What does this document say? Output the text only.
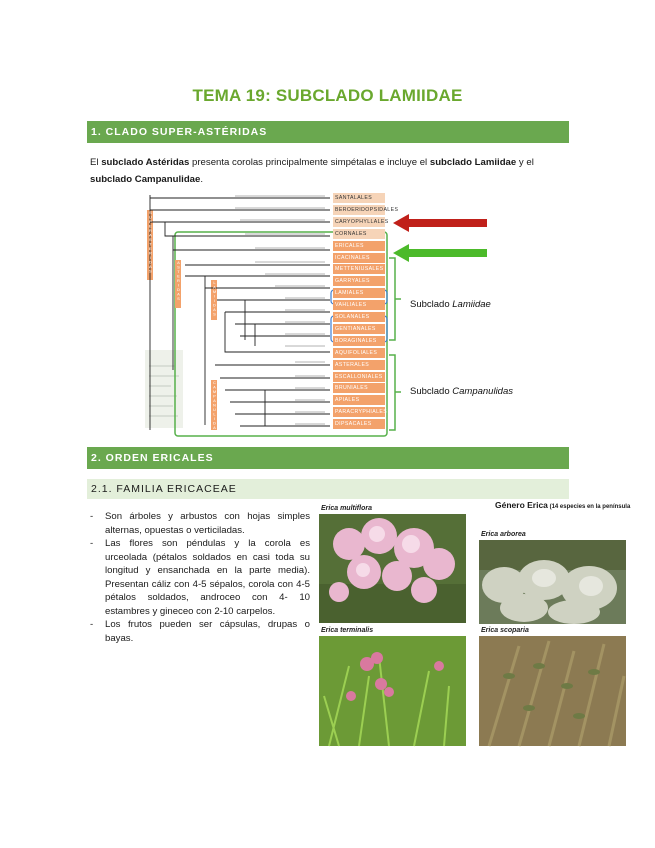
TEMA 19: SUBCLADO LAMIIDAE
1. CLADO SUPER-ASTÉRIDAS
El subclado Astéridas presenta corolas principalmente simpétalas e incluye el subclado Lamiidae y el subclado Campanulidae.
SANTALALES
BEROERIDOPSIDALES
CARYOPHYLLALES
CORNALES
ERICALES
ICACINALES
METTENIUSALES
GARRYALES
LAMIALES
VAHLIALES
SOLANALES
GENTIANALES
BORAGINALES
AQUIFOLIALES
ASTERALES
ESCALLONIALES
BRUNIALES
APIALES
PARACRYPHIALES
DIPSACALES
Subclado Lamiidae
Subclado Campanulidas
SUPERASTERIDAS
ASTERIDAS	LAMIIDAS
CAMPANULIDAS
2. ORDEN ERICALES
2.1. FAMILIA ERICACEAE
- Son árboles y arbustos con hojas simples alternas, opuestas o verticiladas.
- Las flores son péndulas y la corola es urceolada (pétalos soldados en casi toda su longitud y ensanchada en la parte media). Presentan cáliz con 4-5 sépalos, corola con 4-5 pétalos soldados, androceo con 4- 10 estambres y gineceo con 2-10 carpelos.
- Los frutos pueden ser cápsulas, drupas o bayas.
Género Erica (14 especies en la península
Erica multiflora
Erica arborea
Erica terminalis	Erica scoparia
